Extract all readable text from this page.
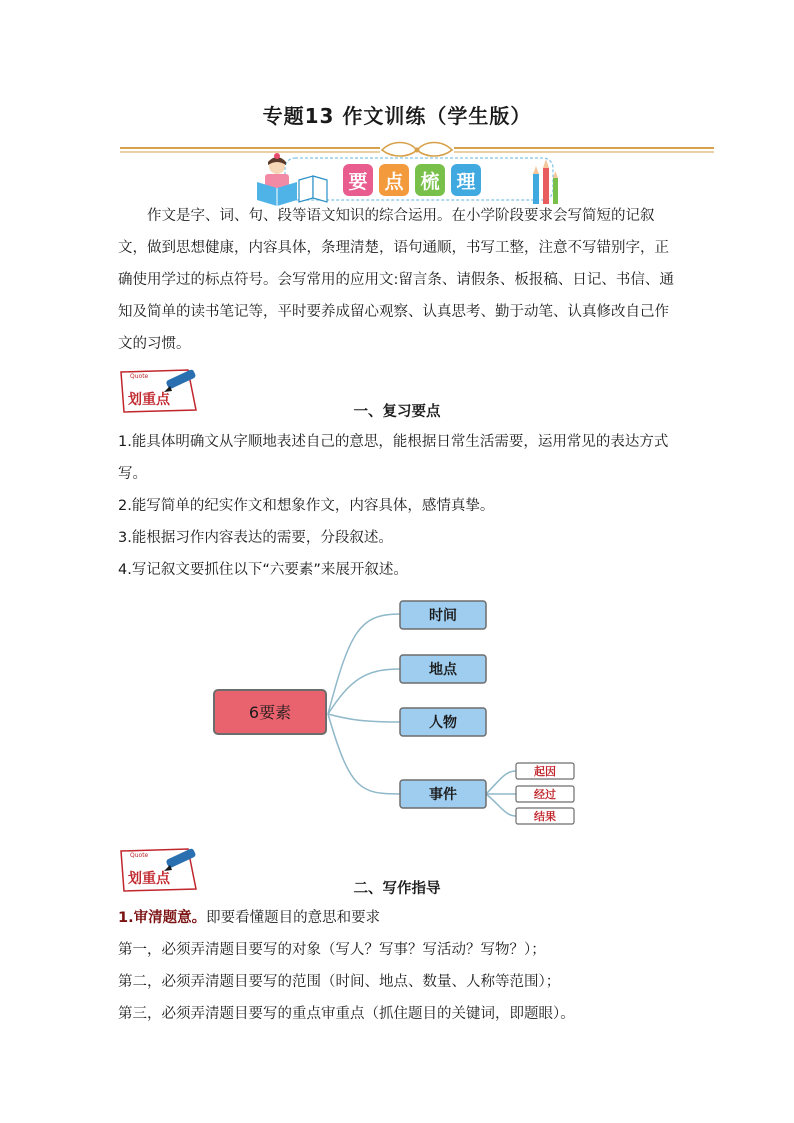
专题13 作文训练（学生版）
要 点 梳 理

作文是字、词、句、段等语文知识的综合运用。在小学阶段要求会写简短的记叙文，做到思想健康，内容具体，条理清楚，语句通顺，书写工整，注意不写错别字，正确使用学过的标点符号。会写常用的应用文:留言条、请假条、板报稿、日记、书信、通知及简单的读书笔记等，平时要养成留心观察、认真思考、勤于动笔、认真修改自己作文的习惯。

Quote
划重点
一、复习要点
1.能具体明确文从字顺地表述自己的意思，能根据日常生活需要，运用常见的表达方式写。
2.能写简单的纪实作文和想象作文，内容具体，感情真挚。
3.能根据习作内容表达的需要，分段叙述。
4.写记叙文要抓住以下“六要素”来展开叙述。
6要素
时间
地点
人物
事件
起因
经过
结果
Quote
划重点
二、写作指导
1.审清题意。即要看懂题目的意思和要求
第一，必须弄清题目要写的对象（写人？写事？写活动？写物？）；
第二，必须弄清题目要写的范围（时间、地点、数量、人称等范围）；
第三，必须弄清题目要写的重点审重点（抓住题目的关键词，即题眼）。
